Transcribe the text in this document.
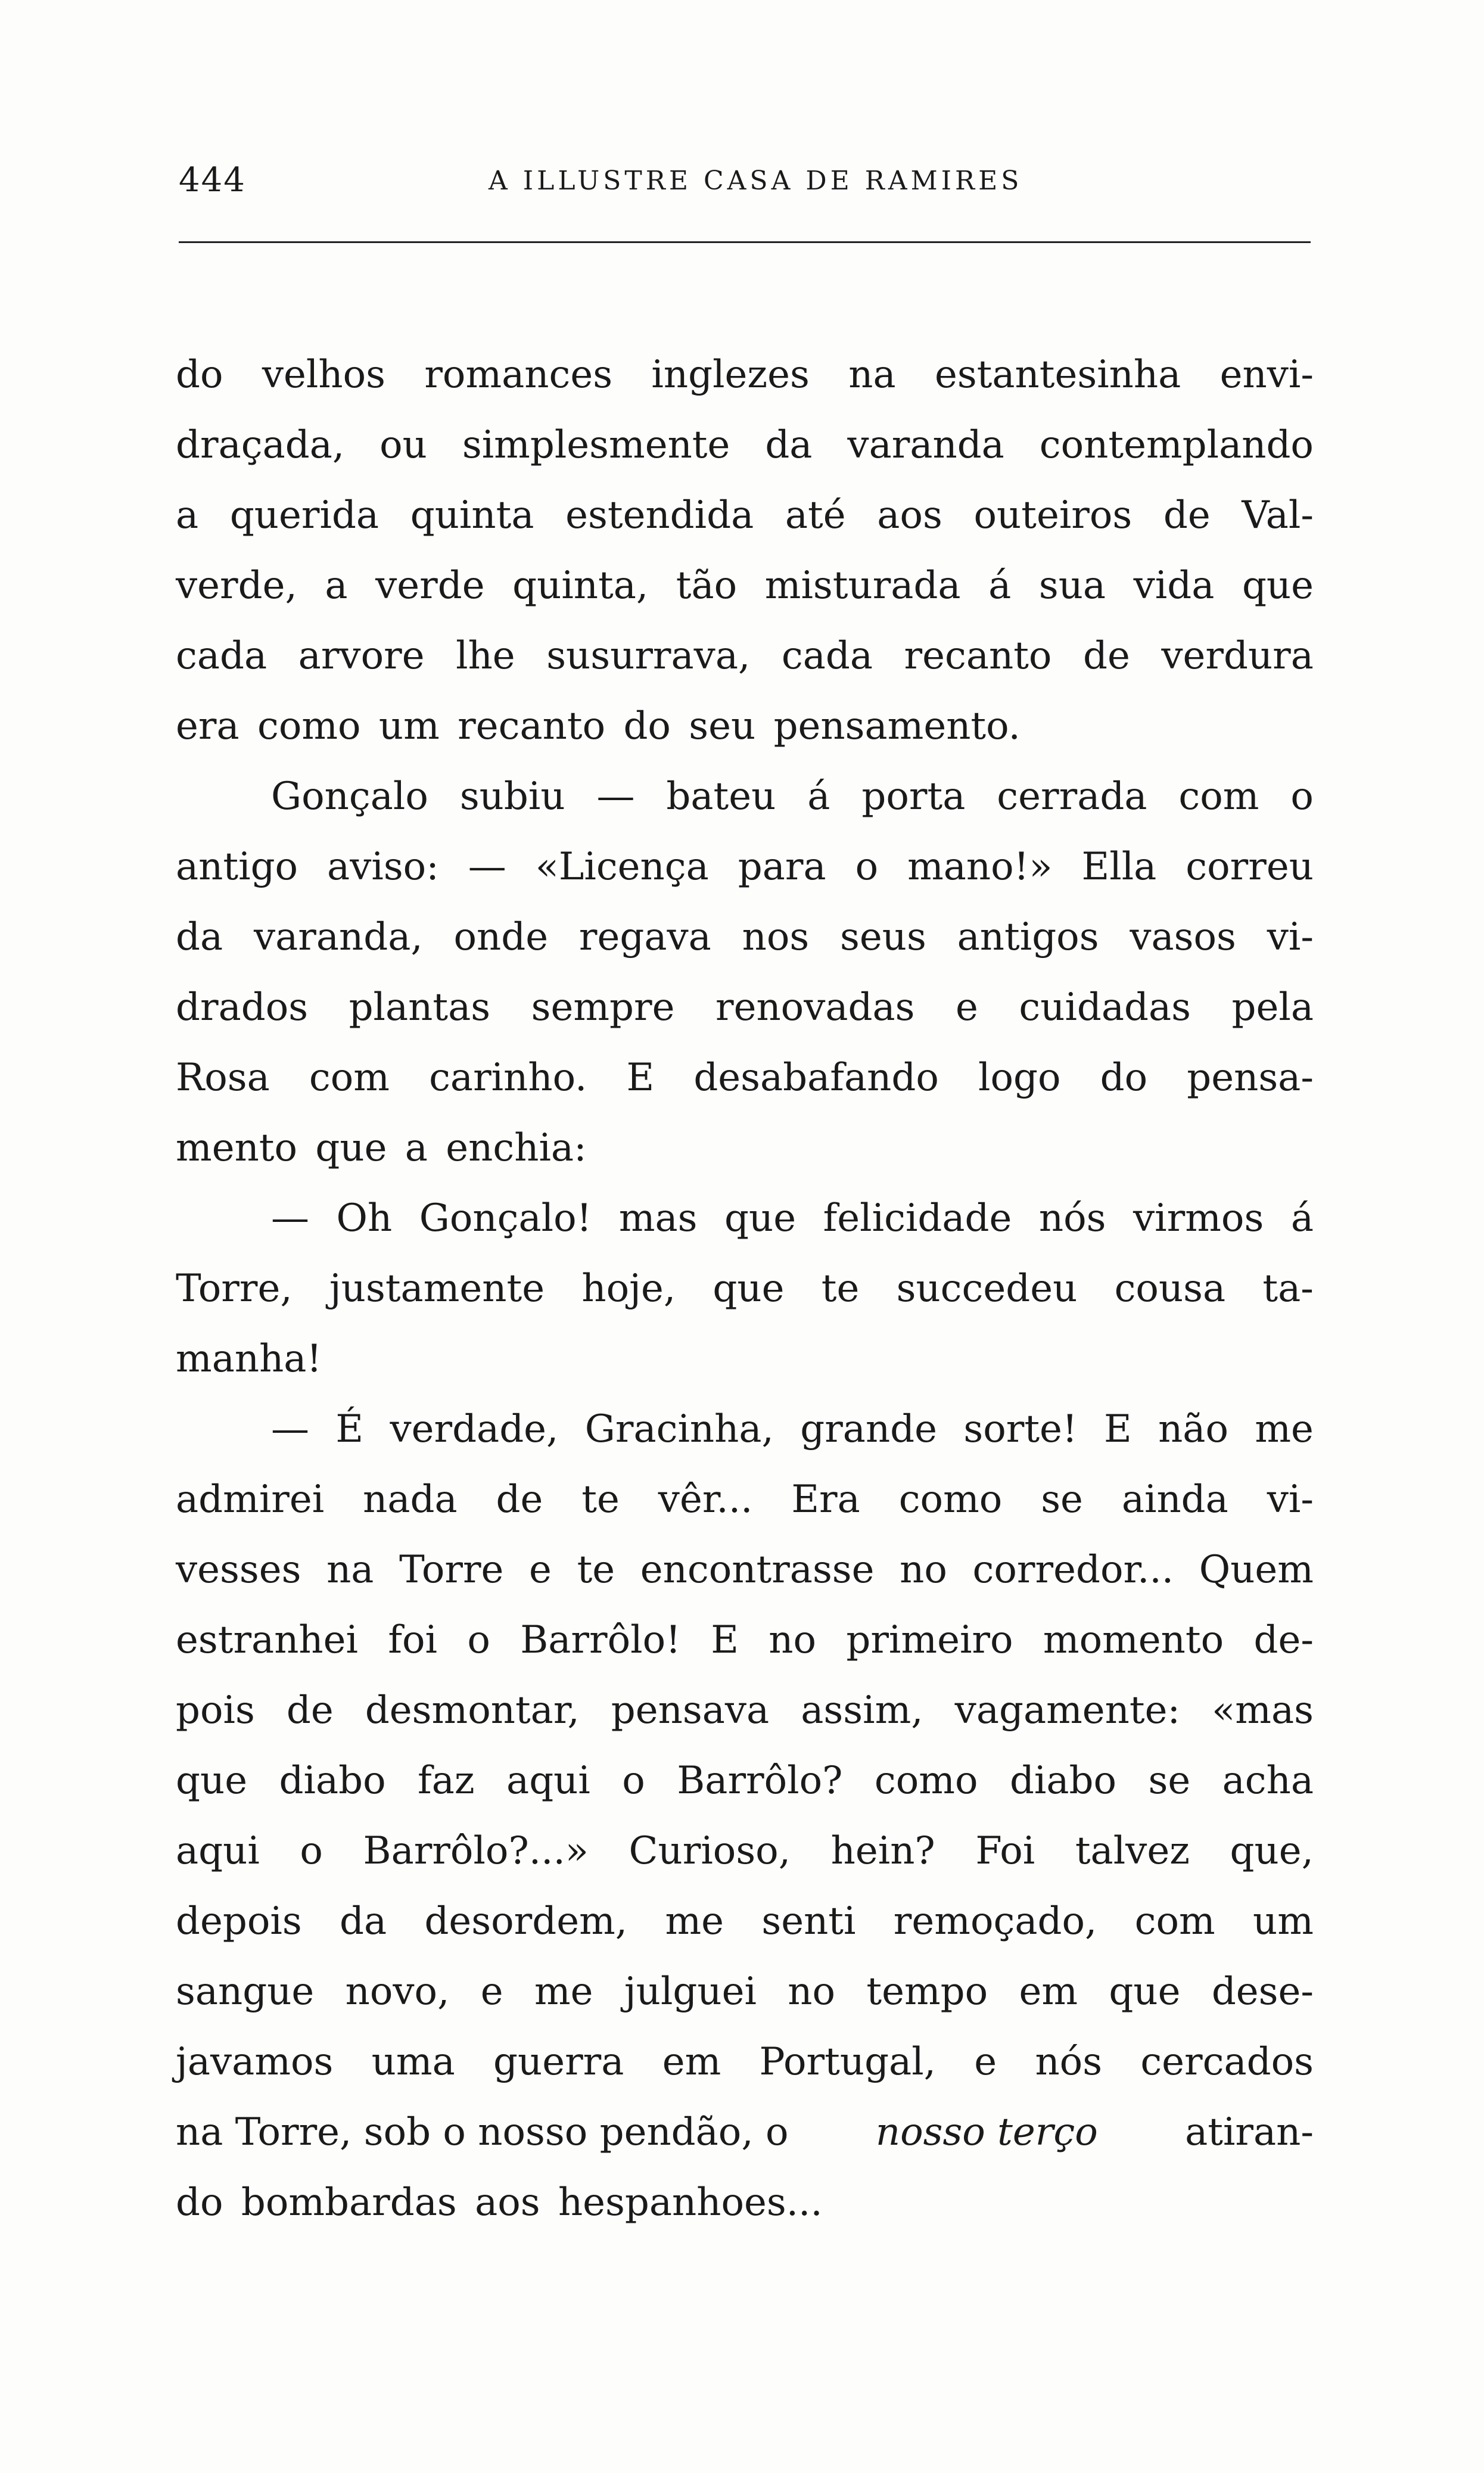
444	A ILLUSTRE CASA DE RAMIRES
do velhos romances inglezes na estantesinha envi-
draçada, ou simplesmente da varanda contemplando
a querida quinta estendida até aos outeiros de Val-
verde, a verde quinta, tão misturada á sua vida que
cada arvore lhe susurrava, cada recanto de verdura
era como um recanto do seu pensamento.
Gonçalo subiu — bateu á porta cerrada com o
antigo aviso: — «Licença para o mano!» Ella correu
da varanda, onde regava nos seus antigos vasos vi-
drados plantas sempre renovadas e cuidadas pela
Rosa com carinho. E desabafando logo do pensa-
mento que a enchia:
— Oh Gonçalo! mas que felicidade nós virmos á
Torre, justamente hoje, que te succedeu cousa ta-
manha!
— É verdade, Gracinha, grande sorte! E não me
admirei nada de te vêr... Era como se ainda vi-
vesses na Torre e te encontrasse no corredor... Quem
estranhei foi o Barrôlo! E no primeiro momento de-
pois de desmontar, pensava assim, vagamente: «mas
que diabo faz aqui o Barrôlo? como diabo se acha
aqui o Barrôlo?...» Curioso, hein? Foi talvez que,
depois da desordem, me senti remoçado, com um
sangue novo, e me julguei no tempo em que dese-
javamos uma guerra em Portugal, e nós cercados
na Torre, sob o nosso pendão, o nosso terço atiran-
do bombardas aos hespanhoes...
